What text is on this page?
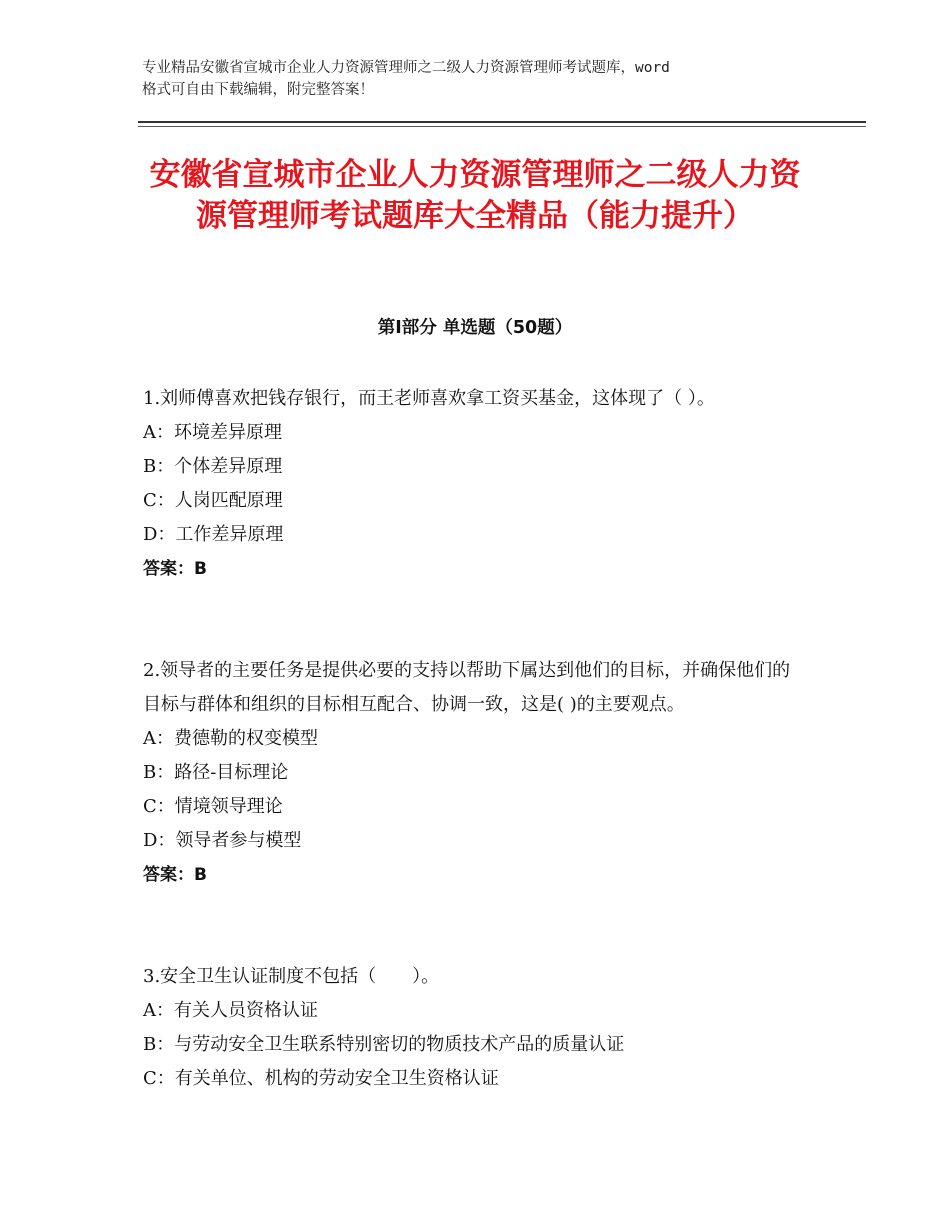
专业精品安徽省宣城市企业人力资源管理师之二级人力资源管理师考试题库，word
格式可自由下载编辑，附完整答案！
安徽省宣城市企业人力资源管理师之二级人力资源管理师考试题库大全精品（能力提升）
第Ⅰ部分 单选题（50题）

1.刘师傅喜欢把钱存银行，而王老师喜欢拿工资买基金，这体现了（ ）。

A：环境差异原理

B：个体差异原理

C：人岗匹配原理

D：工作差异原理

答案：B

2.领导者的主要任务是提供必要的支持以帮助下属达到他们的目标，并确保他们的目标与群体和组织的目标相互配合、协调一致，这是( )的主要观点。

A：费德勒的权变模型

B：路径-目标理论

C：情境领导理论

D：领导者参与模型

答案：B

3.安全卫生认证制度不包括（　　）。

A：有关人员资格认证

B：与劳动安全卫生联系特别密切的物质技术产品的质量认证

C：有关单位、机构的劳动安全卫生资格认证
